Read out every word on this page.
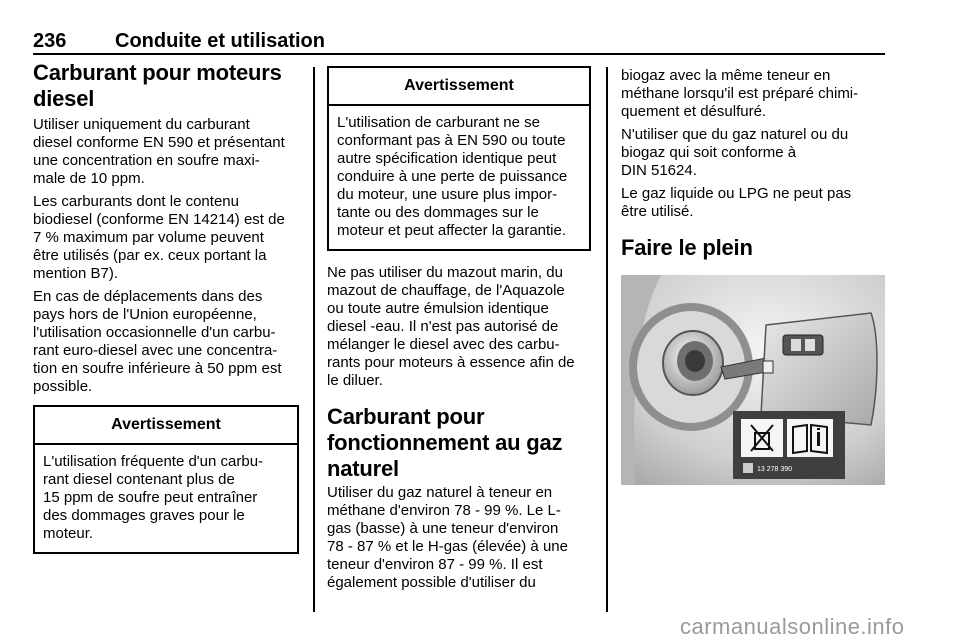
236 Conduite et utilisation
Carburant pour moteurs
diesel

Utiliser uniquement du carburant
diesel conforme EN 590 et présentant
une concentration en soufre maxi-
male de 10 ppm.

Les carburants dont le contenu
biodiesel (conforme EN 14214) est de
7 % maximum par volume peuvent
être utilisés (par ex. ceux portant la
mention B7).

En cas de déplacements dans des
pays hors de l'Union européenne,
l'utilisation occasionnelle d'un carbu-
rant euro-diesel avec une concentra-
tion en soufre inférieure à 50 ppm est
possible.

Avertissement
L'utilisation fréquente d'un carbu-
rant diesel contenant plus de
15 ppm de soufre peut entraîner
des dommages graves pour le
moteur.
Avertissement
L'utilisation de carburant ne se
conformant pas à EN 590 ou toute
autre spécification identique peut
conduire à une perte de puissance
du moteur, une usure plus impor-
tante ou des dommages sur le
moteur et peut affecter la garantie.

Ne pas utiliser du mazout marin, du
mazout de chauffage, de l'Aquazole
ou toute autre émulsion identique
diesel -eau. Il n'est pas autorisé de
mélanger le diesel avec des carbu-
rants pour moteurs à essence afin de
le diluer.

Carburant pour
fonctionnement au gaz
naturel

Utiliser du gaz naturel à teneur en
méthane d'environ 78 - 99 %. Le L-
gas (basse) à une teneur d'environ
78 - 87 % et le H-gas (élevée) à une
teneur d'environ 87 - 99 %. Il est
également possible d'utiliser du

biogaz avec la même teneur en
méthane lorsqu'il est préparé chimi-
quement et désulfuré.

N'utiliser que du gaz naturel ou du
biogaz qui soit conforme à
DIN 51624.

Le gaz liquide ou LPG ne peut pas
être utilisé.

Faire le plein
13 278 390
carmanualsonline.info
